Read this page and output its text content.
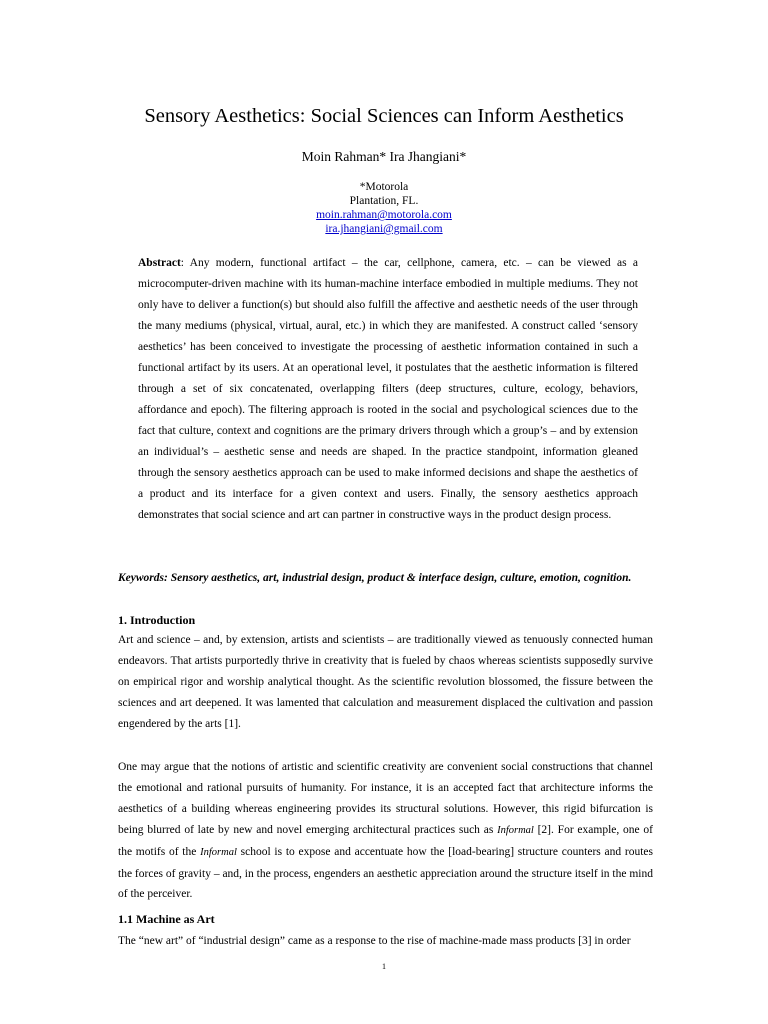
Sensory Aesthetics: Social Sciences can Inform Aesthetics
Moin Rahman* Ira Jhangiani*
*Motorola
Plantation, FL.
moin.rahman@motorola.com
ira.jhangiani@gmail.com
Abstract: Any modern, functional artifact – the car, cellphone, camera, etc. – can be viewed as a microcomputer-driven machine with its human-machine interface embodied in multiple mediums. They not only have to deliver a function(s) but should also fulfill the affective and aesthetic needs of the user through the many mediums (physical, virtual, aural, etc.) in which they are manifested. A construct called ‘sensory aesthetics’ has been conceived to investigate the processing of aesthetic information contained in such a functional artifact by its users. At an operational level, it postulates that the aesthetic information is filtered through a set of six concatenated, overlapping filters (deep structures, culture, ecology, behaviors, affordance and epoch). The filtering approach is rooted in the social and psychological sciences due to the fact that culture, context and cognitions are the primary drivers through which a group’s – and by extension an individual’s – aesthetic sense and needs are shaped. In the practice standpoint, information gleaned through the sensory aesthetics approach can be used to make informed decisions and shape the aesthetics of a product and its interface for a given context and users. Finally, the sensory aesthetics approach demonstrates that social science and art can partner in constructive ways in the product design process.
Keywords: Sensory aesthetics, art, industrial design, product & interface design, culture, emotion, cognition.
1. Introduction
Art and science – and, by extension, artists and scientists – are traditionally viewed as tenuously connected human endeavors. That artists purportedly thrive in creativity that is fueled by chaos whereas scientists supposedly survive on empirical rigor and worship analytical thought. As the scientific revolution blossomed, the fissure between the sciences and art deepened. It was lamented that calculation and measurement displaced the cultivation and passion engendered by the arts [1].
One may argue that the notions of artistic and scientific creativity are convenient social constructions that channel the emotional and rational pursuits of humanity. For instance, it is an accepted fact that architecture informs the aesthetics of a building whereas engineering provides its structural solutions. However, this rigid bifurcation is being blurred of late by new and novel emerging architectural practices such as Informal [2]. For example, one of the motifs of the Informal school is to expose and accentuate how the [load-bearing] structure counters and routes the forces of gravity – and, in the process, engenders an aesthetic appreciation around the structure itself in the mind of the perceiver.
1.1 Machine as Art
The “new art” of “industrial design” came as a response to the rise of machine-made mass products [3] in order
1
